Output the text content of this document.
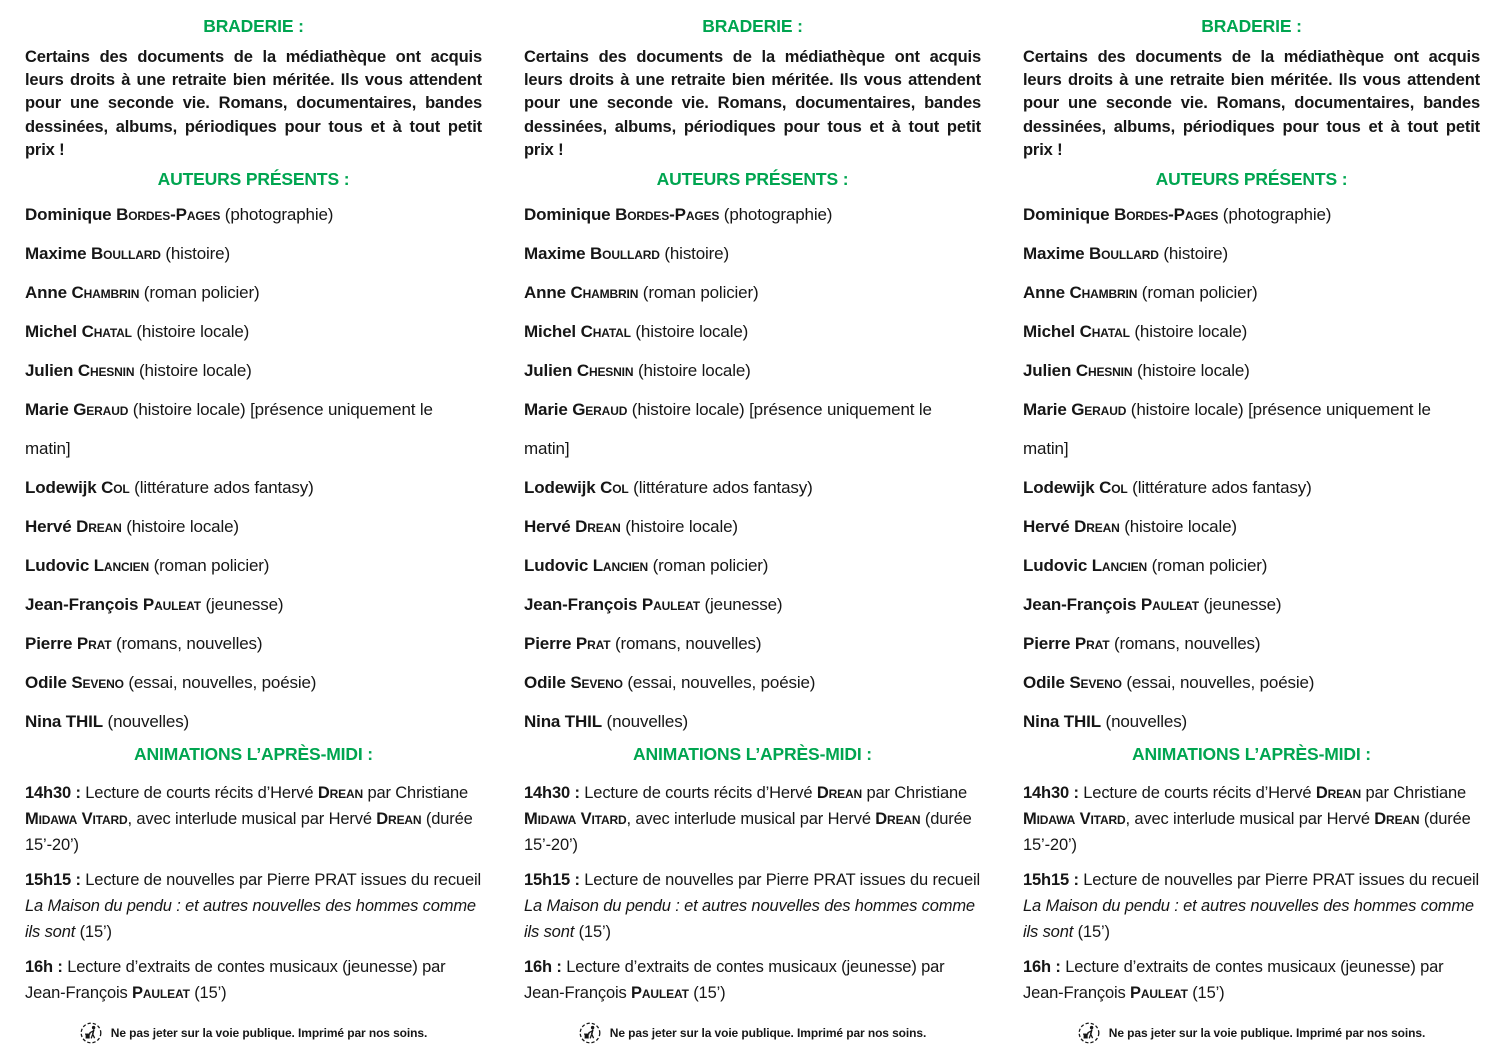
BRADERIE :

Certains des documents de la médiathèque ont acquis leurs droits à une retraite bien méritée. Ils vous attendent pour une seconde vie. Romans, documentaires, bandes dessinées, albums, périodiques pour tous et à tout petit prix !

AUTEURS PRÉSENTS :
Dominique Bordes-Pages (photographie)
Maxime Boullard (histoire)
Anne Chambrin (roman policier)
Michel Chatal (histoire locale)
Julien Chesnin (histoire locale)
Marie Geraud (histoire locale) [présence uniquement le matin]
Lodewijk Col (littérature ados fantasy)
Hervé Drean (histoire locale)
Ludovic Lancien (roman policier)
Jean-François Pauleat (jeunesse)
Pierre Prat (romans, nouvelles)
Odile Seveno (essai, nouvelles, poésie)
Nina THIL (nouvelles)
ANIMATIONS L’APRÈS-MIDI :
14h30 : Lecture de courts récits d’Hervé Drean par Christiane Midawa Vitard, avec interlude musical par Hervé Drean (durée 15’-20’)
15h15 : Lecture de nouvelles par Pierre PRAT issues du recueil La Maison du pendu : et autres nouvelles des hommes comme ils sont (15’)
16h : Lecture d’extraits de contes musicaux (jeunesse) par Jean-François Pauleat (15’)
Ne pas jeter sur la voie publique. Imprimé par nos soins.
BRADERIE :

Certains des documents de la médiathèque ont acquis leurs droits à une retraite bien méritée. Ils vous attendent pour une seconde vie. Romans, documentaires, bandes dessinées, albums, périodiques pour tous et à tout petit prix !

AUTEURS PRÉSENTS :
Dominique Bordes-Pages (photographie)
Maxime Boullard (histoire)
Anne Chambrin (roman policier)
Michel Chatal (histoire locale)
Julien Chesnin (histoire locale)
Marie Geraud (histoire locale) [présence uniquement le matin]
Lodewijk Col (littérature ados fantasy)
Hervé Drean (histoire locale)
Ludovic Lancien (roman policier)
Jean-François Pauleat (jeunesse)
Pierre Prat (romans, nouvelles)
Odile Seveno (essai, nouvelles, poésie)
Nina THIL (nouvelles)
ANIMATIONS L’APRÈS-MIDI :
14h30 : Lecture de courts récits d’Hervé Drean par Christiane Midawa Vitard, avec interlude musical par Hervé Drean (durée 15’-20’)
15h15 : Lecture de nouvelles par Pierre PRAT issues du recueil La Maison du pendu : et autres nouvelles des hommes comme ils sont (15’)
16h : Lecture d’extraits de contes musicaux (jeunesse) par Jean-François Pauleat (15’)
Ne pas jeter sur la voie publique. Imprimé par nos soins.
BRADERIE :

Certains des documents de la médiathèque ont acquis leurs droits à une retraite bien méritée. Ils vous attendent pour une seconde vie. Romans, documentaires, bandes dessinées, albums, périodiques pour tous et à tout petit prix !

AUTEURS PRÉSENTS :
Dominique Bordes-Pages (photographie)
Maxime Boullard (histoire)
Anne Chambrin (roman policier)
Michel Chatal (histoire locale)
Julien Chesnin (histoire locale)
Marie Geraud (histoire locale) [présence uniquement le matin]
Lodewijk Col (littérature ados fantasy)
Hervé Drean (histoire locale)
Ludovic Lancien (roman policier)
Jean-François Pauleat (jeunesse)
Pierre Prat (romans, nouvelles)
Odile Seveno (essai, nouvelles, poésie)
Nina THIL (nouvelles)
ANIMATIONS L’APRÈS-MIDI :
14h30 : Lecture de courts récits d’Hervé Drean par Christiane Midawa Vitard, avec interlude musical par Hervé Drean (durée 15’-20’)
15h15 : Lecture de nouvelles par Pierre PRAT issues du recueil La Maison du pendu : et autres nouvelles des hommes comme ils sont (15’)
16h : Lecture d’extraits de contes musicaux (jeunesse) par Jean-François Pauleat (15’)
Ne pas jeter sur la voie publique. Imprimé par nos soins.
